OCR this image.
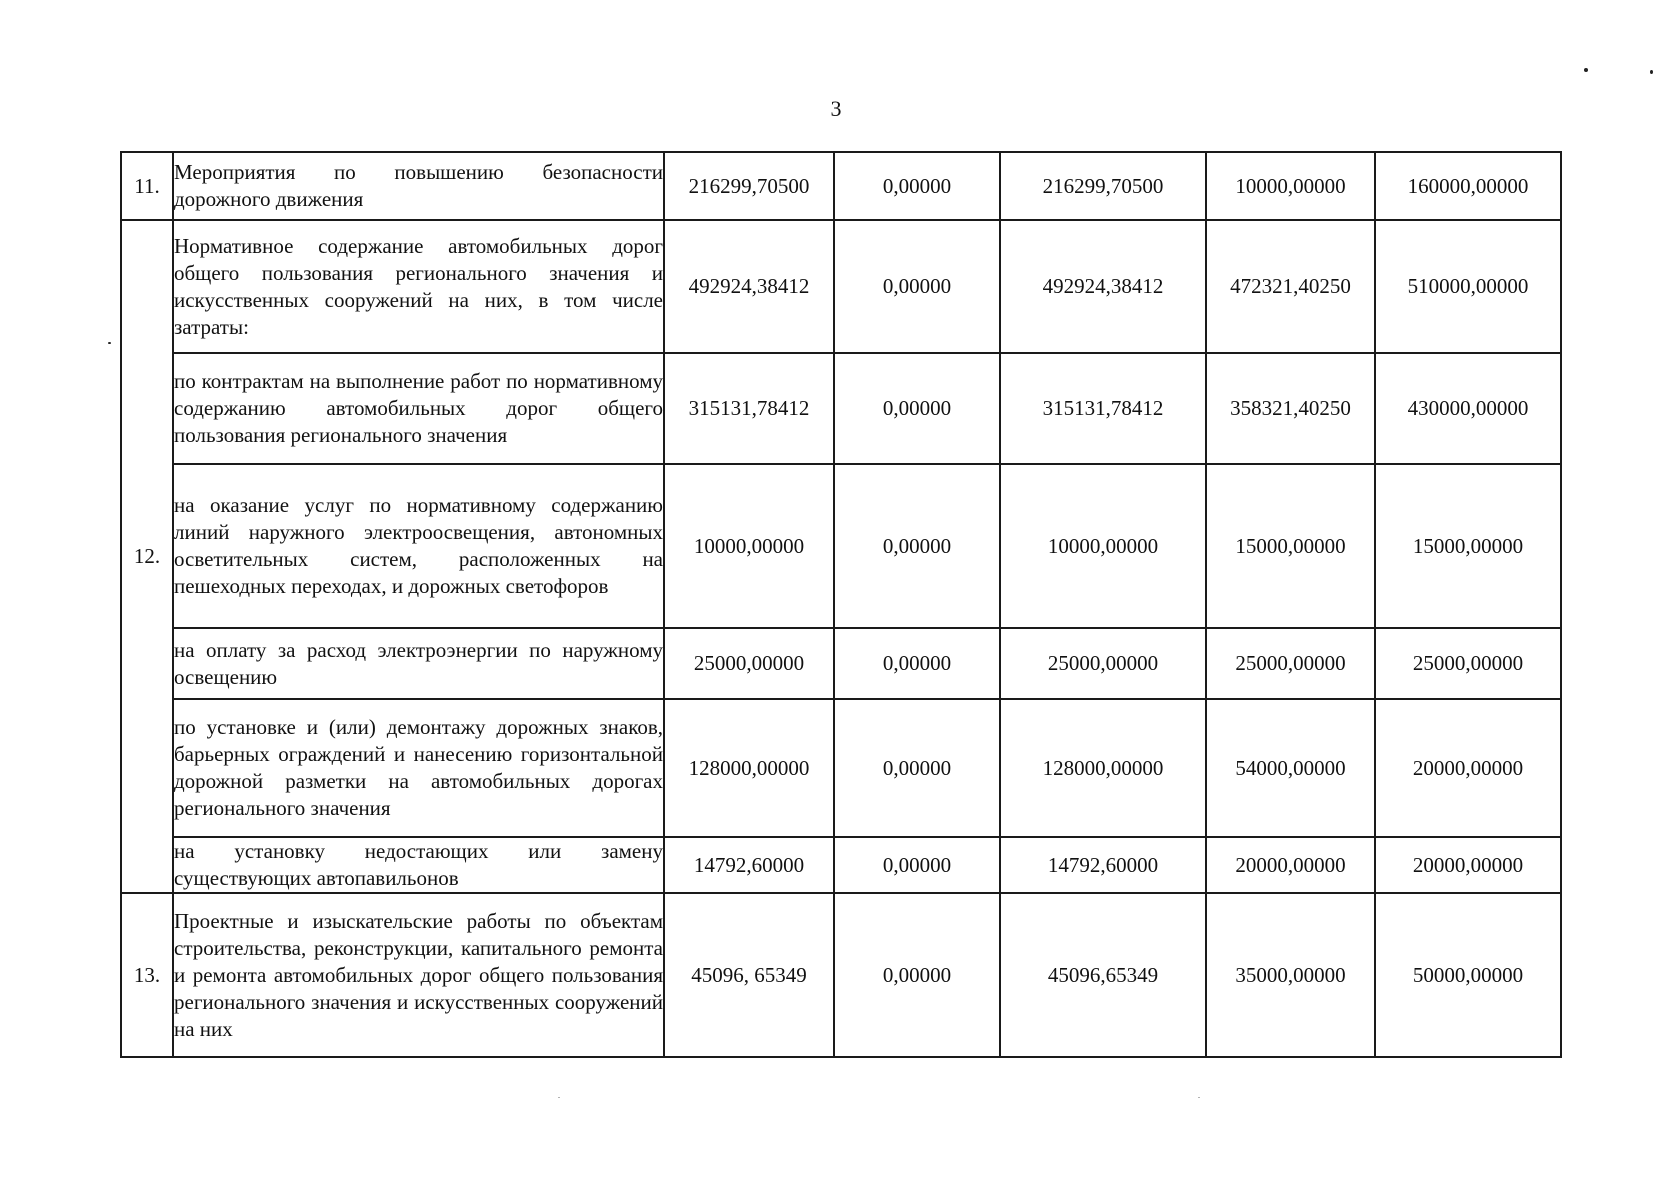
3
11.	Мероприятия по повышению безопасности дорожного движения	216299,70500	0,00000	216299,70500	10000,00000	160000,00000
12.	Нормативное содержание автомобильных дорог общего пользования регионального значения и искусственных сооружений на них, в том числе затраты:	492924,38412	0,00000	492924,38412	472321,40250	510000,00000
	по контрактам на выполнение работ по нормативному содержанию автомобильных дорог общего пользования регионального значения	315131,78412	0,00000	315131,78412	358321,40250	430000,00000
	на оказание услуг по нормативному содержанию линий наружного электроосвещения, автономных осветительных систем, расположенных на пешеходных переходах, и дорожных светофоров	10000,00000	0,00000	10000,00000	15000,00000	15000,00000
	на оплату за расход электроэнергии по наружному освещению	25000,00000	0,00000	25000,00000	25000,00000	25000,00000
	по установке и (или) демонтажу дорожных знаков, барьерных ограждений и нанесению горизонтальной дорожной разметки на автомобильных дорогах регионального значения	128000,00000	0,00000	128000,00000	54000,00000	20000,00000
	на установку недостающих или замену существующих автопавильонов	14792,60000	0,00000	14792,60000	20000,00000	20000,00000
13.	Проектные и изыскательские работы по объектам строительства, реконструкции, капитального ремонта и ремонта автомобильных дорог общего пользования регионального значения и искусственных сооружений на них	45096, 65349	0,00000	45096,65349	35000,00000	50000,00000
